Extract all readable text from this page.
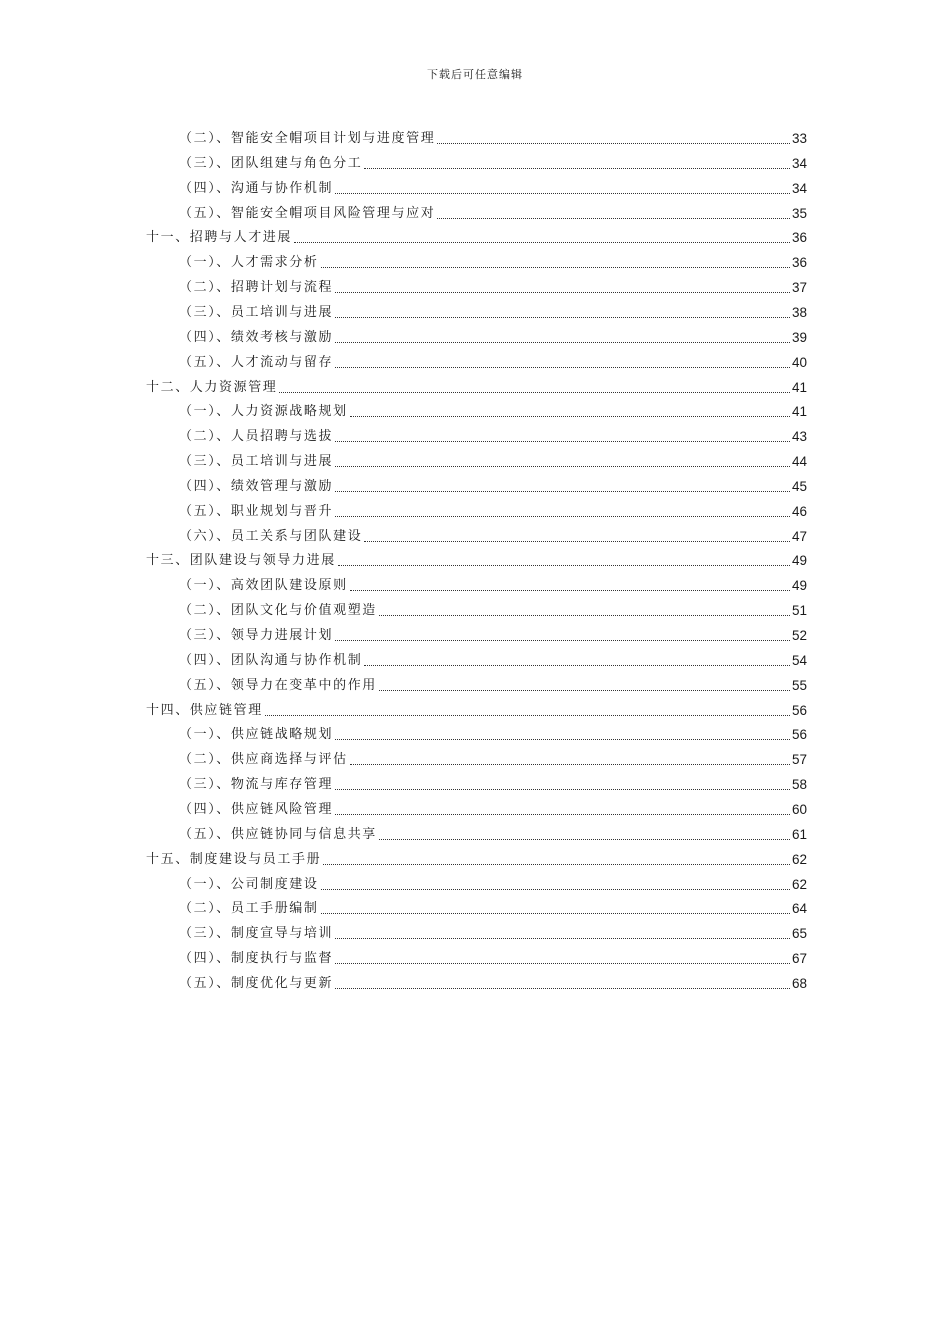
下载后可任意编辑
（二）、智能安全帽项目计划与进度管理	33
（三）、团队组建与角色分工	34
（四）、沟通与协作机制	34
（五）、智能安全帽项目风险管理与应对	35
十一、招聘与人才进展	36
（一）、人才需求分析	36
（二）、招聘计划与流程	37
（三）、员工培训与进展	38
（四）、绩效考核与激励	39
（五）、人才流动与留存	40
十二、人力资源管理	41
（一）、人力资源战略规划	41
（二）、人员招聘与选拔	43
（三）、员工培训与进展	44
（四）、绩效管理与激励	45
（五）、职业规划与晋升	46
（六）、员工关系与团队建设	47
十三、团队建设与领导力进展	49
（一）、高效团队建设原则	49
（二）、团队文化与价值观塑造	51
（三）、领导力进展计划	52
（四）、团队沟通与协作机制	54
（五）、领导力在变革中的作用	55
十四、供应链管理	56
（一）、供应链战略规划	56
（二）、供应商选择与评估	57
（三）、物流与库存管理	58
（四）、供应链风险管理	60
（五）、供应链协同与信息共享	61
十五、制度建设与员工手册	62
（一）、公司制度建设	62
（二）、员工手册编制	64
（三）、制度宣导与培训	65
（四）、制度执行与监督	67
（五）、制度优化与更新	68
